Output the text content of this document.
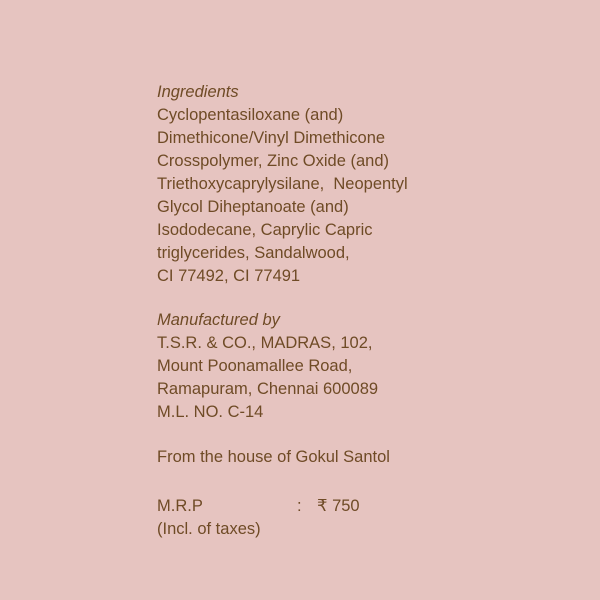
Ingredients
Cyclopentasiloxane (and)
Dimethicone/Vinyl Dimethicone
Crosspolymer, Zinc Oxide (and)
Triethoxycaprylysilane,  Neopentyl
Glycol Diheptanoate (and)
Isododecane, Caprylic Capric
triglycerides, Sandalwood,
CI 77492, CI 77491
Manufactured by
T.S.R. & CO., MADRAS, 102,
Mount Poonamallee Road,
Ramapuram, Chennai 600089
M.L. NO. C-14
From the house of Gokul Santol
M.R.P	: ₹ 750
(Incl. of taxes)
